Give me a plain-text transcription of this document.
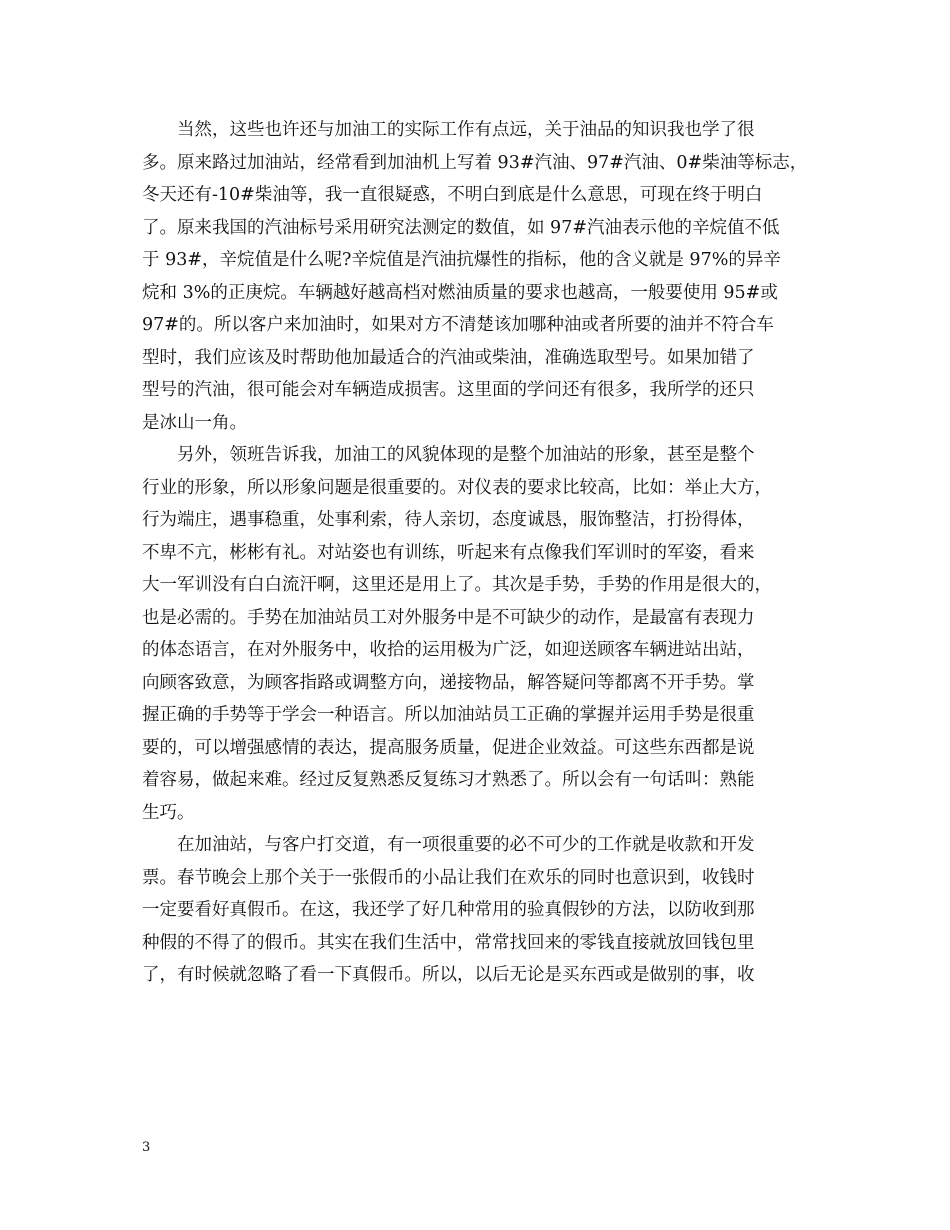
　　当然，这些也许还与加油工的实际工作有点远，关于油品的知识我也学了很
多。原来路过加油站，经常看到加油机上写着 93#汽油、97#汽油、0#柴油等标志，
冬天还有-10#柴油等，我一直很疑惑，不明白到底是什么意思，可现在终于明白
了。原来我国的汽油标号采用研究法测定的数值，如 97#汽油表示他的辛烷值不低
于 93#，辛烷值是什么呢?辛烷值是汽油抗爆性的指标，他的含义就是 97%的异辛
烷和 3%的正庚烷。车辆越好越高档对燃油质量的要求也越高，一般要使用 95#或
97#的。所以客户来加油时，如果对方不清楚该加哪种油或者所要的油并不符合车
型时，我们应该及时帮助他加最适合的汽油或柴油，准确选取型号。如果加错了
型号的汽油，很可能会对车辆造成损害。这里面的学问还有很多，我所学的还只
是冰山一角。
　　另外，领班告诉我，加油工的风貌体现的是整个加油站的形象，甚至是整个
行业的形象，所以形象问题是很重要的。对仪表的要求比较高，比如：举止大方，
行为端庄，遇事稳重，处事利索，待人亲切，态度诚恳，服饰整洁，打扮得体，
不卑不亢，彬彬有礼。对站姿也有训练，听起来有点像我们军训时的军姿，看来
大一军训没有白白流汗啊，这里还是用上了。其次是手势，手势的作用是很大的，
也是必需的。手势在加油站员工对外服务中是不可缺少的动作，是最富有表现力
的体态语言，在对外服务中，收拾的运用极为广泛，如迎送顾客车辆进站出站，
向顾客致意，为顾客指路或调整方向，递接物品，解答疑问等都离不开手势。掌
握正确的手势等于学会一种语言。所以加油站员工正确的掌握并运用手势是很重
要的，可以增强感情的表达，提高服务质量，促进企业效益。可这些东西都是说
着容易，做起来难。经过反复熟悉反复练习才熟悉了。所以会有一句话叫：熟能
生巧。
　　在加油站，与客户打交道，有一项很重要的必不可少的工作就是收款和开发
票。春节晚会上那个关于一张假币的小品让我们在欢乐的同时也意识到，收钱时
一定要看好真假币。在这，我还学了好几种常用的验真假钞的方法，以防收到那
种假的不得了的假币。其实在我们生活中，常常找回来的零钱直接就放回钱包里
了，有时候就忽略了看一下真假币。所以，以后无论是买东西或是做别的事，收
3
